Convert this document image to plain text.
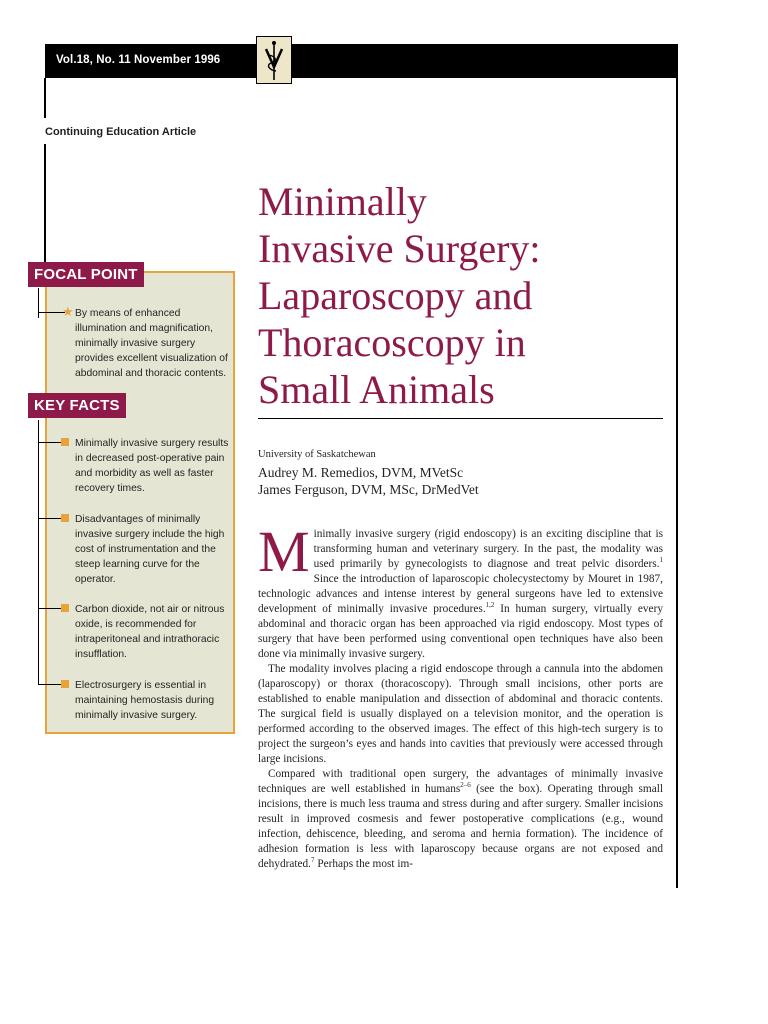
Vol.18, No. 11 November 1996
Continuing Education Article
Minimally
Invasive Surgery:
Laparoscopy and
Thoracoscopy in
Small Animals
University of Saskatchewan
Audrey M. Remedios, DVM, MVetSc
James Ferguson, DVM, MSc, DrMedVet
FOCAL POINT
★ By means of enhanced illumination and magnification, minimally invasive surgery provides excellent visualization of abdominal and thoracic contents.
KEY FACTS
Minimally invasive surgery results in decreased post-operative pain and morbidity as well as faster recovery times.
Disadvantages of minimally invasive surgery include the high cost of instrumentation and the steep learning curve for the operator.
Carbon dioxide, not air or nitrous oxide, is recommended for intraperitoneal and intrathoracic insufflation.
Electrosurgery is essential in maintaining hemostasis during minimally invasive surgery.

Minimally invasive surgery (rigid endoscopy) is an exciting discipline that is transforming human and veterinary surgery. In the past, the modality was used primarily by gynecologists to diagnose and treat pelvic disorders.$^1$ Since the introduction of laparoscopic cholecystectomy by Mouret in 1987, technologic advances and intense interest by general surgeons have led to extensive development of minimally invasive procedures.$^{1,2}$ In human surgery, virtually every abdominal and thoracic organ has been approached via rigid endoscopy. Most types of surgery that have been performed using conventional open techniques have also been done via minimally invasive surgery.

The modality involves placing a rigid endoscope through a cannula into the abdomen (laparoscopy) or thorax (thoracoscopy). Through small incisions, other ports are established to enable manipulation and dissection of abdominal and thoracic contents. The surgical field is usually displayed on a television monitor, and the operation is performed according to the observed images. The effect of this high-tech surgery is to project the surgeon’s eyes and hands into cavities that previously were accessed through large incisions.

Compared with traditional open surgery, the advantages of minimally invasive techniques are well established in humans$^{2-6}$ (see the box). Operating through small incisions, there is much less trauma and stress during and after surgery. Smaller incisions result in improved cosmesis and fewer postoperative complications (e.g., wound infection, dehiscence, bleeding, and seroma and hernia formation). The incidence of adhesion formation is less with laparoscopy because organs are not exposed and dehydrated.$^7$ Perhaps the most im-
